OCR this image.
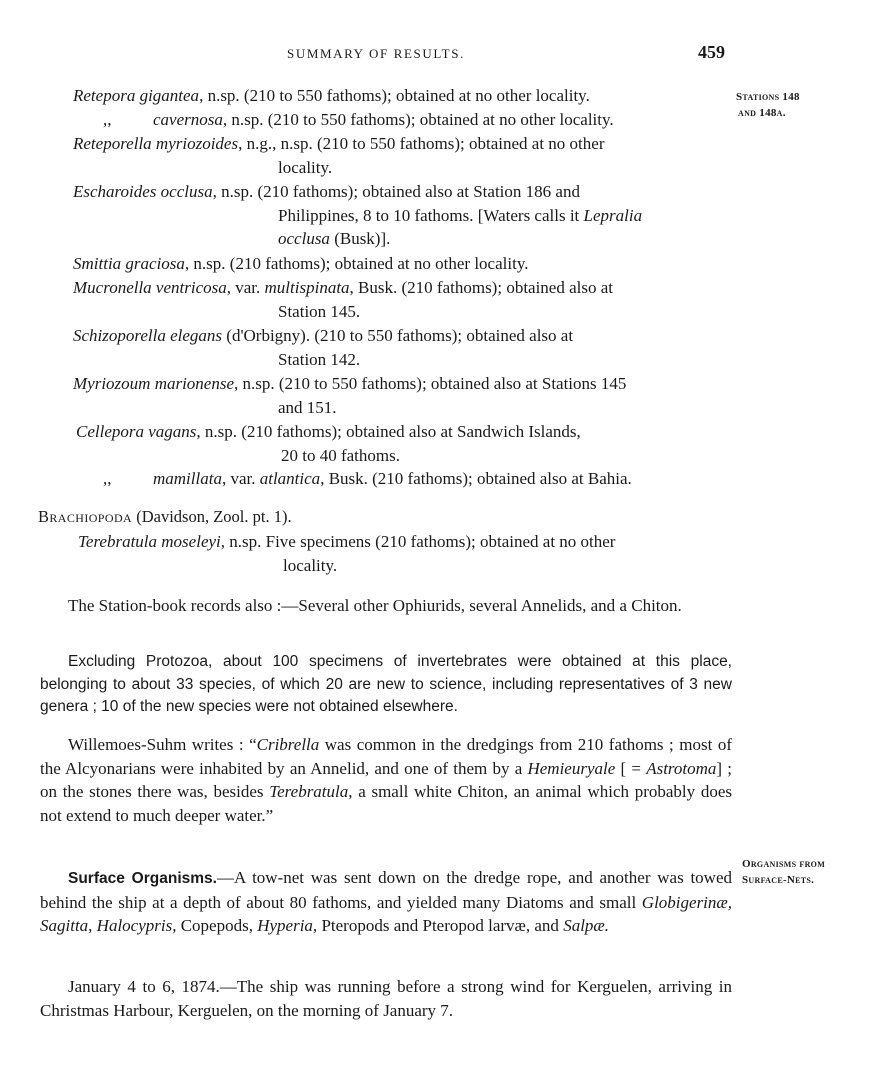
SUMMARY OF RESULTS.	459
Stations 148
and 148a.
Retepora gigantea, n.sp. (210 to 550 fathoms); obtained at no other locality.
,, cavernosa, n.sp. (210 to 550 fathoms); obtained at no other locality.
Reteporella myriozoides, n.g., n.sp. (210 to 550 fathoms); obtained at no other
locality.
Escharoides occlusa, n.sp. (210 fathoms); obtained also at Station 186 and
Philippines, 8 to 10 fathoms. [Waters calls it Lepralia
occlusa (Busk)].
Smittia graciosa, n.sp. (210 fathoms); obtained at no other locality.
Mucronella ventricosa, var. multispinata, Busk. (210 fathoms); obtained also at
Station 145.
Schizoporella elegans (d'Orbigny). (210 to 550 fathoms); obtained also at
Station 142.
Myriozoum marionense, n.sp. (210 to 550 fathoms); obtained also at Stations 145
and 151.
Cellepora vagans, n.sp. (210 fathoms); obtained also at Sandwich Islands,
20 to 40 fathoms.
,, mamillata, var. atlantica, Busk. (210 fathoms); obtained also at Bahia.
Brachiopoda (Davidson, Zool. pt. 1).
Terebratula moseleyi, n.sp. Five specimens (210 fathoms); obtained at no other
locality.
The Station-book records also :—Several other Ophiurids, several Annelids, and a Chiton.
Excluding Protozoa, about 100 specimens of invertebrates were obtained at this place, belonging to about 33 species, of which 20 are new to science, including representatives of 3 new genera ; 10 of the new species were not obtained elsewhere.
Willemoes-Suhm writes : “Cribrella was common in the dredgings from 210 fathoms ; most of the Alcyonarians were inhabited by an Annelid, and one of them by a Hemieuryale [ = Astrotoma] ; on the stones there was, besides Terebratula, a small white Chiton, an animal which probably does not extend to much deeper water.”
Organisms from
Surface-Nets.
Surface Organisms.—A tow-net was sent down on the dredge rope, and another was towed behind the ship at a depth of about 80 fathoms, and yielded many Diatoms and small Globigerinæ, Sagitta, Halocypris, Copepods, Hyperia, Pteropods and Pteropod larvæ, and Salpæ.
January 4 to 6, 1874.—The ship was running before a strong wind for Kerguelen, arriving in Christmas Harbour, Kerguelen, on the morning of January 7.
